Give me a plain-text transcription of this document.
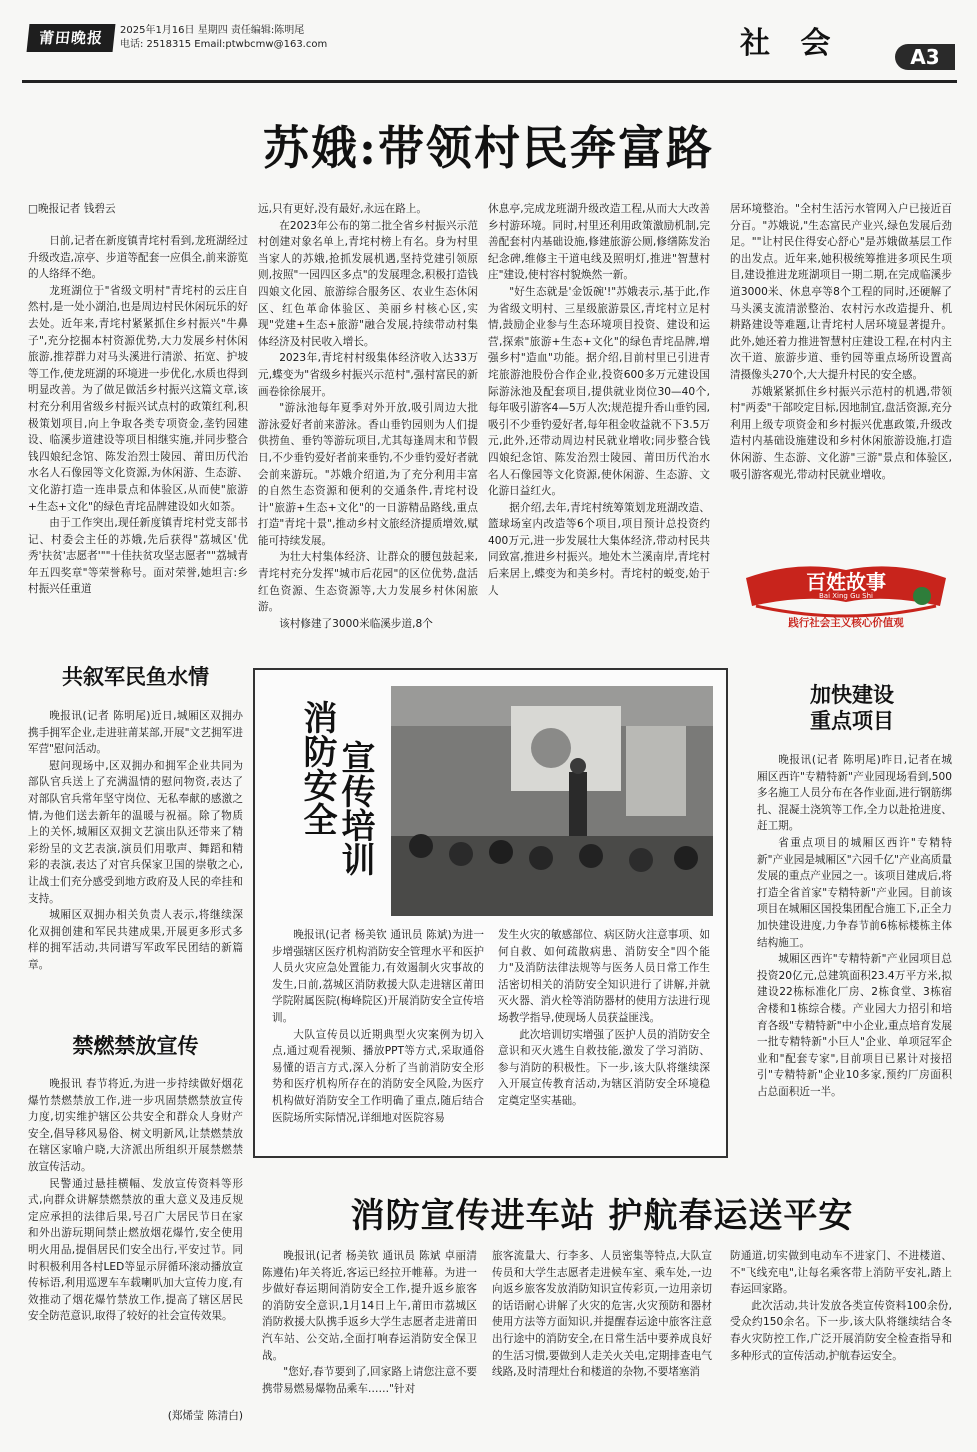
莆田晚报	2025年1月16日 星期四 责任编辑:陈明尾
电话: 2518315 Email:ptwbcmw@163.com	社 会	A3
苏娥:带领村民奔富路
□晚报记者 钱碧云

日前,记者在新度镇青垞村看到,龙班湖经过升级改造,凉亭、步道等配套一应俱全,前来游览的人络绎不绝。

龙班湖位于"省级文明村"青垞村的云庄自然村,是一处小湖泊,也是周边村民休闲玩乐的好去处。近年来,青垞村紧紧抓住乡村振兴"牛鼻子",充分挖掘本村资源优势,大力发展乡村休闲旅游,推荐群力对马头溪进行清淤、拓宽、护坡等工作,使龙班湖的环境进一步优化,水质也得到明显改善。为了做足做活乡村振兴这篇文章,该村充分利用省级乡村振兴试点村的政策红利,积极策划项目,向上争取各类专项资金,垄钓园建设、临溪步道建设等项目相继实施,并同步整合钱四娘纪念馆、陈发治烈士陵园、莆田历代治水名人石像园等文化资源,为休闲游、生态游、文化游打造一连串景点和体验区,从而使"旅游+生态+文化"的绿色青垞品牌建设如火如荼。

由于工作突出,现任新度镇青垞村党支部书记、村委会主任的苏娥,先后获得"荔城区'优秀'扶贫'志愿者'""十佳扶贫攻坚志愿者""荔城青年五四奖章"等荣誉称号。面对荣誉,她坦言:乡村振兴任重道

远,只有更好,没有最好,永远在路上。

在2023年公布的第二批全省乡村振兴示范村创建对象名单上,青垞村榜上有名。身为村里当家人的苏娥,抢抓发展机遇,坚持党建引领原则,按照"一园四区多点"的发展理念,积极打造钱四娘文化园、旅游综合服务区、农业生态休闲区、红色革命体验区、美丽乡村核心区,实现"党建+生态+旅游"融合发展,持续带动村集体经济及村民收入增长。

2023年,青垞村村级集体经济收入达33万元,蝶变为"省级乡村振兴示范村",强村富民的新画卷徐徐展开。

"游泳池每年夏季对外开放,吸引周边大批游泳爱好者前来游泳。香山垂钓园则为人们提供捞鱼、垂钓等游玩项目,尤其每逢周末和节假日,不少垂钓爱好者前来垂钓,不少垂钓爱好者就会前来游玩。"苏娥介绍道,为了充分利用丰富的自然生态资源和便利的交通条件,青垞村设计"旅游+生态+文化"的一日游精品路线,重点打造"青垞十景",推动乡村文旅经济提质增效,赋能可持续发展。

为壮大村集体经济、让群众的腰包鼓起来,青垞村充分发挥"城市后花园"的区位优势,盘活红色资源、生态资源等,大力发展乡村休闲旅游。

该村修建了3000米临溪步道,8个

休息亭,完成龙班湖升级改造工程,从而大大改善乡村游环境。同时,村里还利用政策激励机制,完善配套村内基础设施,修建旅游公厕,修缮陈发治纪念碑,维修主干道电线及照明灯,推进"智慧村庄"建设,使村容村貌焕然一新。

"好生态就是'金饭碗'!"苏娥表示,基于此,作为省级文明村、三星级旅游景区,青垞村立足村情,鼓励企业参与生态环境项目投资、建设和运营,探索"旅游+生态+文化"的绿色青垞品牌,增强乡村"造血"功能。据介绍,目前村里已引进青垞旅游池股份合作企业,投资600多万元建设国际游泳池及配套项目,提供就业岗位30—40个,每年吸引游客4—5万人次;规范提升香山垂钓园,吸引不少垂钓爱好者,每年租金收益就不下3.5万元,此外,还带动周边村民就业增收;同步整合钱四娘纪念馆、陈发治烈士陵园、莆田历代治水名人石像园等文化资源,使休闲游、生态游、文化游日益红火。

据介绍,去年,青垞村统筹策划龙班湖改造、篮球场室内改造等6个项目,项目预计总投资约400万元,进一步发展壮大集体经济,带动村民共同致富,推进乡村振兴。地处木兰溪南岸,青垞村后来居上,蝶变为和美乡村。青垞村的蜕变,始于人

居环境整治。"全村生活污水管网入户已接近百分百。"苏娥说,"生态富民产业兴,绿色发展后劲足。""让村民住得安心舒心"是苏娥做基层工作的出发点。近年来,她积极统筹推进多项民生项目,建设推进龙班湖项目一期二期,在完成临溪步道3000米、休息亭等8个工程的同时,还硬解了马头溪支流清淤整治、农村污水改造提升、机耕路建设等难题,让青垞村人居环境显著提升。此外,她还着力推进智慧村庄建设工程,在村内主次干道、旅游步道、垂钓园等重点场所设置高清摄像头270个,大大提升村民的安全感。

苏娥紧紧抓住乡村振兴示范村的机遇,带领村"两委"干部咬定目标,因地制宜,盘活资源,充分利用上级专项资金和乡村振兴优惠政策,升级改造村内基础设施建设和乡村休闲旅游设施,打造休闲游、生态游、文化游"三游"景点和体验区,吸引游客观光,带动村民就业增收。

百姓故事
Bai Xing Gu Shi
践行社会主义核心价值观
共叙军民鱼水情

晚报讯(记者 陈明尾)近日,城厢区双拥办携手拥军企业,走进驻莆某部,开展"文艺拥军进军营"慰问活动。

慰问现场中,区双拥办和拥军企业共同为部队官兵送上了充满温情的慰问物资,表达了对部队官兵常年坚守岗位、无私奉献的感激之情,为他们送去新年的温暖与祝福。除了物质上的关怀,城厢区双拥文艺演出队还带来了精彩纷呈的文艺表演,演员们用歌声、舞蹈和精彩的表演,表达了对官兵保家卫国的崇敬之心,让战士们充分感受到地方政府及人民的牵挂和支持。

城厢区双拥办相关负责人表示,将继续深化双拥创建和军民共建成果,开展更多形式多样的拥军活动,共同谱写军政军民团结的新篇章。

禁燃禁放宣传

晚报讯 春节将近,为进一步持续做好烟花爆竹禁燃禁放工作,进一步巩固禁燃禁放宣传力度,切实维护辖区公共安全和群众人身财产安全,倡导移风易俗、树文明新风,让禁燃禁放在辖区家喻户晓,大济派出所组织开展禁燃禁放宣传活动。

民警通过悬挂横幅、发放宣传资料等形式,向群众讲解禁燃禁放的重大意义及违反规定应承担的法律后果,号召广大居民节日在家和外出游玩期间禁止燃放烟花爆竹,安全使用明火用品,提倡居民们安全出行,平安过节。同时积极利用各村LED等显示屏循环滚动播放宣传标语,利用巡逻车车载喇叭加大宣传力度,有效推动了烟花爆竹禁放工作,提高了辖区居民安全防范意识,取得了较好的社会宣传效果。

(郑烯莹 陈清白)
消防安全
宣传培训

晚报讯(记者 杨美钦 通讯员 陈斌)为进一步增强辖区医疗机构消防安全管理水平和医护人员火灾应急处置能力,有效遏制火灾事故的发生,日前,荔城区消防救援大队走进辖区莆田学院附属医院(梅峰院区)开展消防安全宣传培训。

大队宣传员以近期典型火灾案例为切入点,通过观看视频、播放PPT等方式,采取通俗易懂的语言方式,深入分析了当前消防安全形势和医疗机构所存在的消防安全风险,为医疗机构做好消防安全工作明确了重点,随后结合医院场所实际情况,详细地对医院容易

发生火灾的敏感部位、病区防火注意事项、如何自救、如何疏散病患、消防安全"四个能力"及消防法律法规等与医务人员日常工作生活密切相关的消防安全知识进行了讲解,并就灭火器、消火栓等消防器材的使用方法进行现场教学指导,使现场人员获益匪浅。

此次培训切实增强了医护人员的消防安全意识和灭火逃生自救技能,激发了学习消防、参与消防的积极性。下一步,该大队将继续深入开展宣传教育活动,为辖区消防安全环境稳定奠定坚实基础。

加快建设
重点项目

晚报讯(记者 陈明尾)昨日,记者在城厢区西许"专精特新"产业园现场看到,500多名施工人员分布在各作业面,进行钢筋绑扎、混凝土浇筑等工作,全力以赴抢进度、赶工期。

省重点项目的城厢区西许"专精特新"产业园是城厢区"六园千亿"产业高质量发展的重点产业园之一。该项目建成后,将打造全省首家"专精特新"产业园。目前该项目在城厢区国投集团配合施工下,正全力加快建设进度,力争春节前6栋标楼栋主体结构施工。

城厢区西许"专精特新"产业园项目总投资20亿元,总建筑面积23.4万平方米,拟建设22栋标准化厂房、2栋食堂、3栋宿舍楼和1栋综合楼。产业园大力招引和培育各级"专精特新"中小企业,重点培育发展一批专精特新"小巨人"企业、单项冠军企业和"配套专家",目前项目已累计对接招引"专精特新"企业10多家,预约厂房面积占总面积近一半。

消防宣传进车站 护航春运送平安

晚报讯(记者 杨美钦 通讯员 陈斌 卓丽清 陈遵佑)年关将近,客运已经拉开帷幕。为进一步做好春运期间消防安全工作,提升返乡旅客的消防安全意识,1月14日上午,莆田市荔城区消防救援大队携手返乡大学生志愿者走进莆田汽车站、公交站,全面打响春运消防安全保卫战。

"您好,春节要到了,回家路上请您注意不要携带易燃易爆物品乘车……"针对

旅客流量大、行李多、人员密集等特点,大队宣传员和大学生志愿者走进候车室、乘车处,一边向返乡旅客发放消防知识宣传彩页,一边用亲切的话语耐心讲解了火灾的危害,火灾预防和器材使用方法等方面知识,并提醒春运途中旅客注意出行途中的消防安全,在日常生活中要养成良好的生活习惯,要做到人走关火关电,定期排查电气线路,及时清理灶台和楼道的杂物,不要堵塞消

防通道,切实做到电动车不进家门、不进楼道、不"飞线充电",让每名乘客带上消防平安礼,踏上春运回家路。

此次活动,共计发放各类宣传资料100余份,受众约150余名。下一步,该大队将继续结合冬春火灾防控工作,广泛开展消防安全检查指导和多种形式的宣传活动,护航春运安全。
